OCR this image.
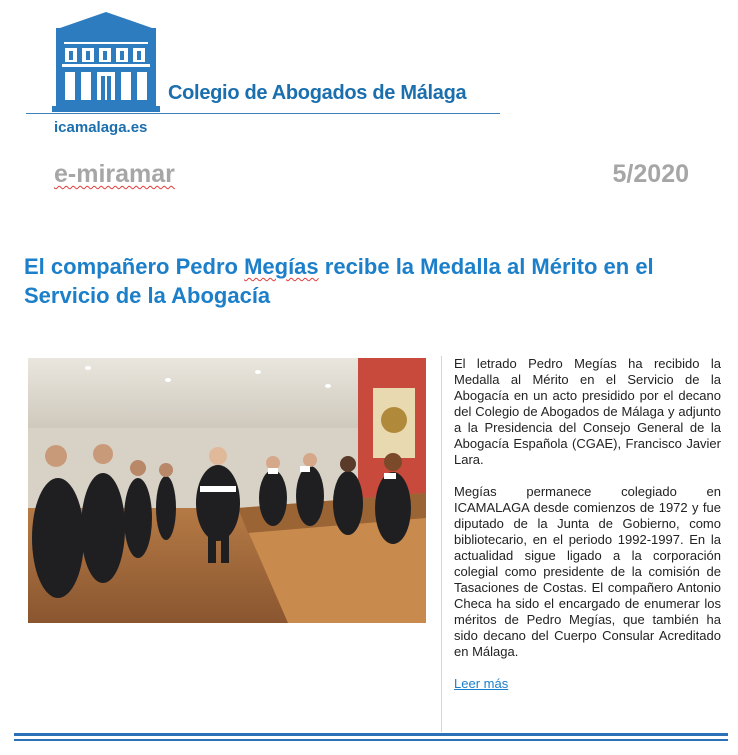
Colegio de Abogados de Málaga
icamalaga.es
e-miramar	5/2020
El compañero Pedro Megías recibe la Medalla al Mérito en el Servicio de la Abogacía

El letrado Pedro Megías ha recibido la Medalla al Mérito en el Servicio de la Abogacía en un acto presidido por el decano del Colegio de Abogados de Málaga y adjunto a la Presidencia del Consejo General de la Abogacía Española (CGAE), Francisco Javier Lara.

Megías permanece colegiado en ICAMALAGA desde comienzos de 1972 y fue diputado de la Junta de Gobierno, como bibliotecario, en el periodo 1992-1997. En la actualidad sigue ligado a la corporación colegial como presidente de la comisión de Tasaciones de Costas. El compañero Antonio Checa ha sido el encargado de enumerar los méritos de Pedro Megías, que también ha sido decano del Cuerpo Consular Acreditado en Málaga.

Leer más
